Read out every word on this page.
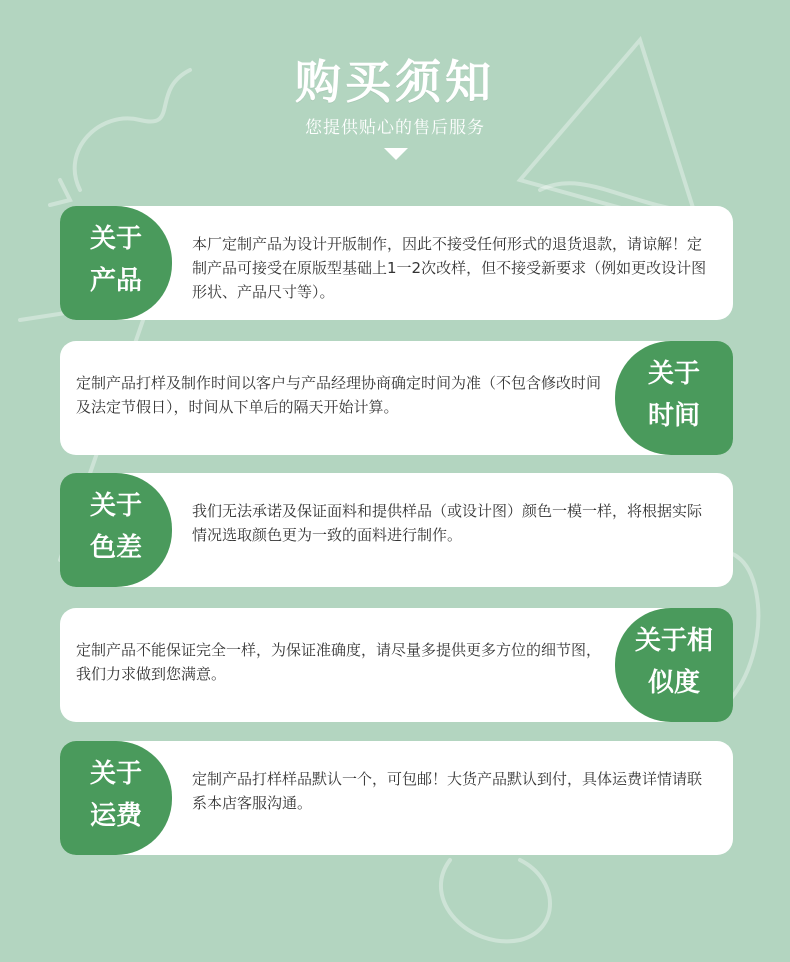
购买须知
您提供贴心的售后服务
关于
产品
本厂定制产品为设计开版制作，因此不接受任何形式的退货退款，请谅解！定制产品可接受在原版型基础上1一2次改样，但不接受新要求（例如更改设计图形状、产品尺寸等）。
定制产品打样及制作时间以客户与产品经理协商确定时间为准（不包含修改时间及法定节假日），时间从下单后的隔天开始计算。
关于
时间
关于
色差
我们无法承诺及保证面料和提供样品（或设计图）颜色一模一样，将根据实际情况选取颜色更为一致的面料进行制作。
定制产品不能保证完全一样，为保证准确度，请尽量多提供更多方位的细节图，我们力求做到您满意。
关于相
似度
关于
运费
定制产品打样样品默认一个，可包邮！大货产品默认到付，具体运费详情请联系本店客服沟通。
